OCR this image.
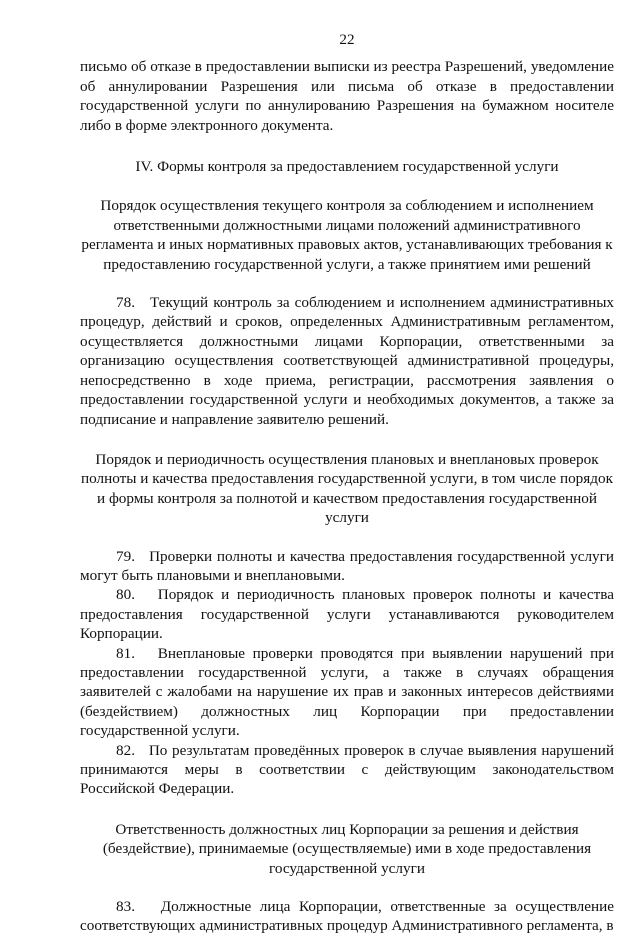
22

письмо об отказе в предоставлении выписки из реестра Разрешений, уведомление об аннулировании Разрешения или письма об отказе в предоставлении государственной услуги по аннулированию Разрешения на бумажном носителе либо в форме электронного документа.

IV. Формы контроля за предоставлением государственной услуги

Порядок осуществления текущего контроля за соблюдением и исполнением ответственными должностными лицами положений административного регламента и иных нормативных правовых актов, устанавливающих требования к предоставлению государственной услуги, а также принятием ими решений

78.   Текущий контроль за соблюдением и исполнением административных процедур, действий и сроков, определенных Административным регламентом, осуществляется должностными лицами Корпорации, ответственными за организацию осуществления соответствующей административной процедуры, непосредственно в ходе приема, регистрации, рассмотрения заявления о предоставлении государственной услуги и необходимых документов, а также за подписание и направление заявителю решений.

Порядок и периодичность осуществления плановых и внеплановых проверок полноты и качества предоставления государственной услуги, в том числе порядок и формы контроля за полнотой и качеством предоставления государственной услуги

79.   Проверки полноты и качества предоставления государственной услуги могут быть плановыми и внеплановыми.

80.   Порядок и периодичность плановых проверок полноты и качества предоставления государственной услуги устанавливаются руководителем Корпорации.

81.   Внеплановые проверки проводятся при выявлении нарушений при предоставлении государственной услуги, а также в случаях обращения заявителей с жалобами на нарушение их прав и законных интересов действиями (бездействием) должностных лиц Корпорации при предоставлении государственной услуги.

82.   По результатам проведённых проверок в случае выявления нарушений принимаются меры в соответствии с действующим законодательством Российской Федерации.

Ответственность должностных лиц Корпорации за решения и действия (бездействие), принимаемые (осуществляемые) ими в ходе предоставления государственной услуги

83.   Должностные лица Корпорации, ответственные за осуществление соответствующих административных процедур Административного регламента, в
